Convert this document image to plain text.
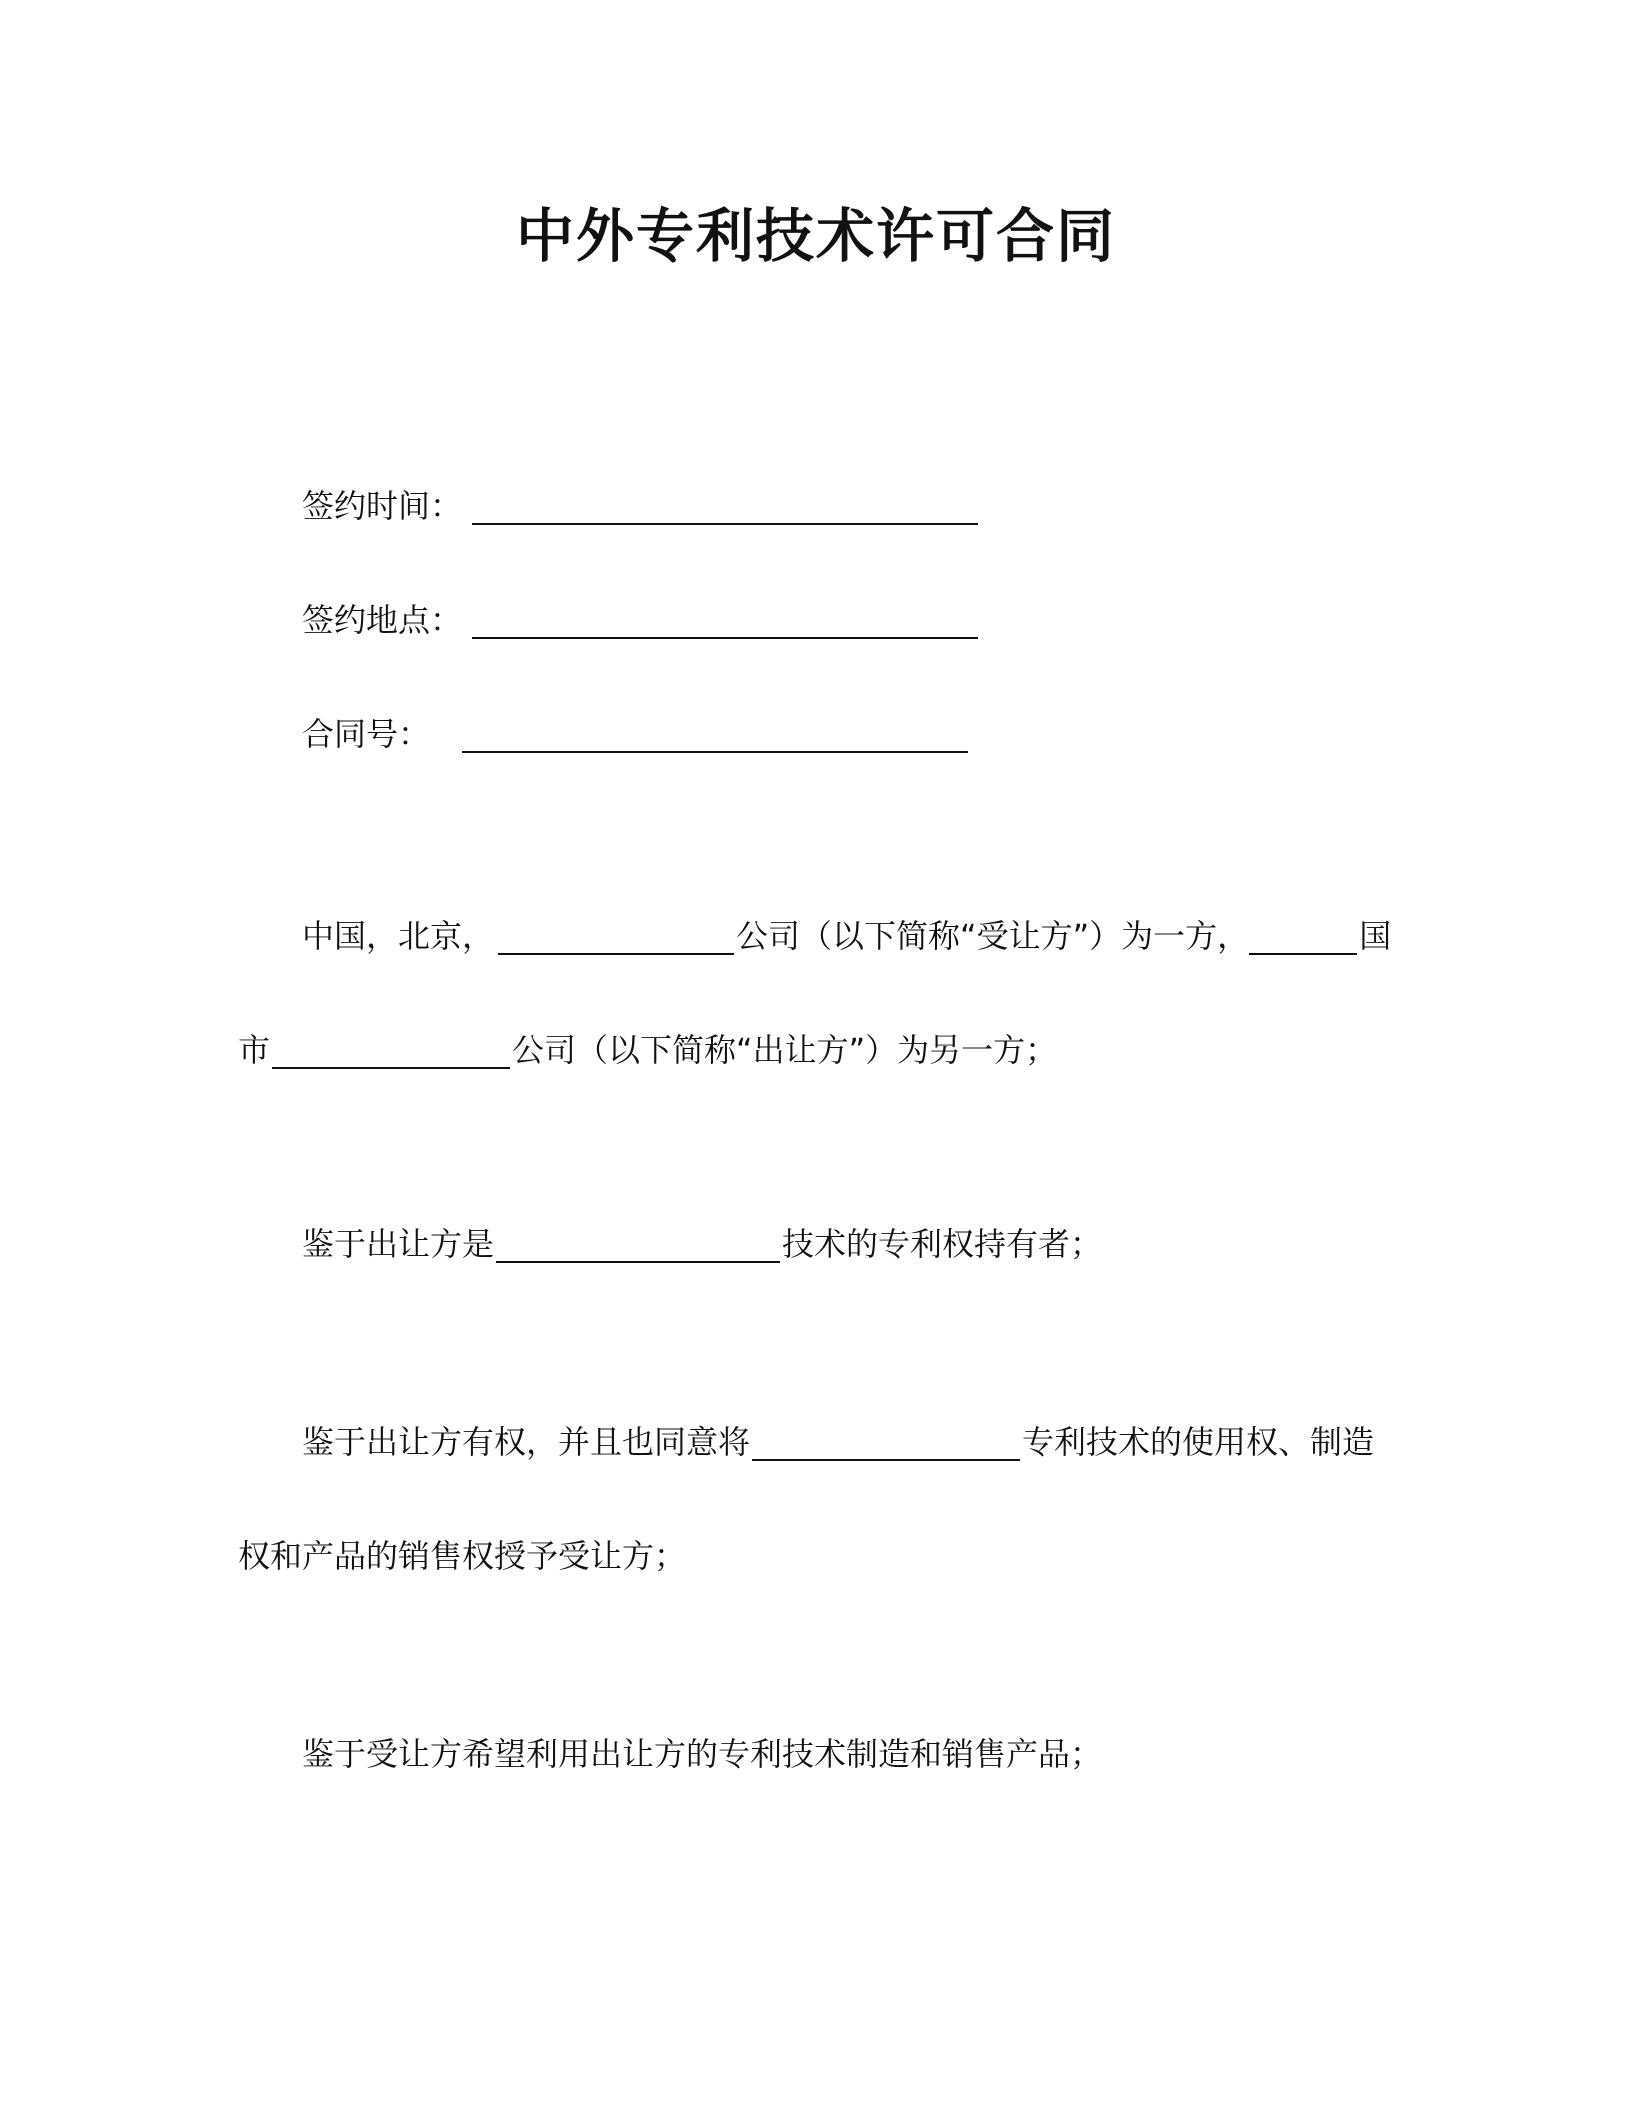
中外专利技术许可合同
签约时间：
签约地点：
合同号：
中国，北京，	公司（以下简称“受让方”）为一方，	国
市	公司（以下简称“出让方”）为另一方；
鉴于出让方是	技术的专利权持有者；
鉴于出让方有权，并且也同意将	专利技术的使用权、制造
权和产品的销售权授予受让方；
鉴于受让方希望利用出让方的专利技术制造和销售产品；
